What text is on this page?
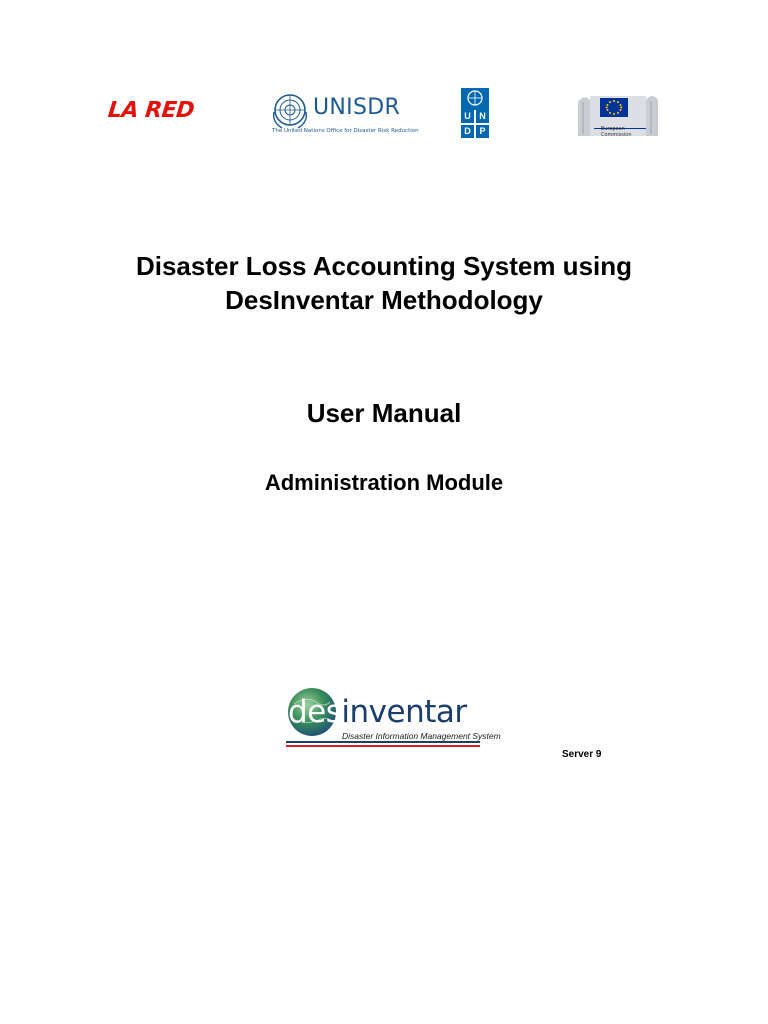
LA RED	UNISDR
The United Nations Office for Disaster Risk Reduction
U N
D P	European
Commission
Disaster Loss Accounting System using
DesInventar Methodology
User Manual
Administration Module
desinventar
Disaster Information Management System
Server 9
